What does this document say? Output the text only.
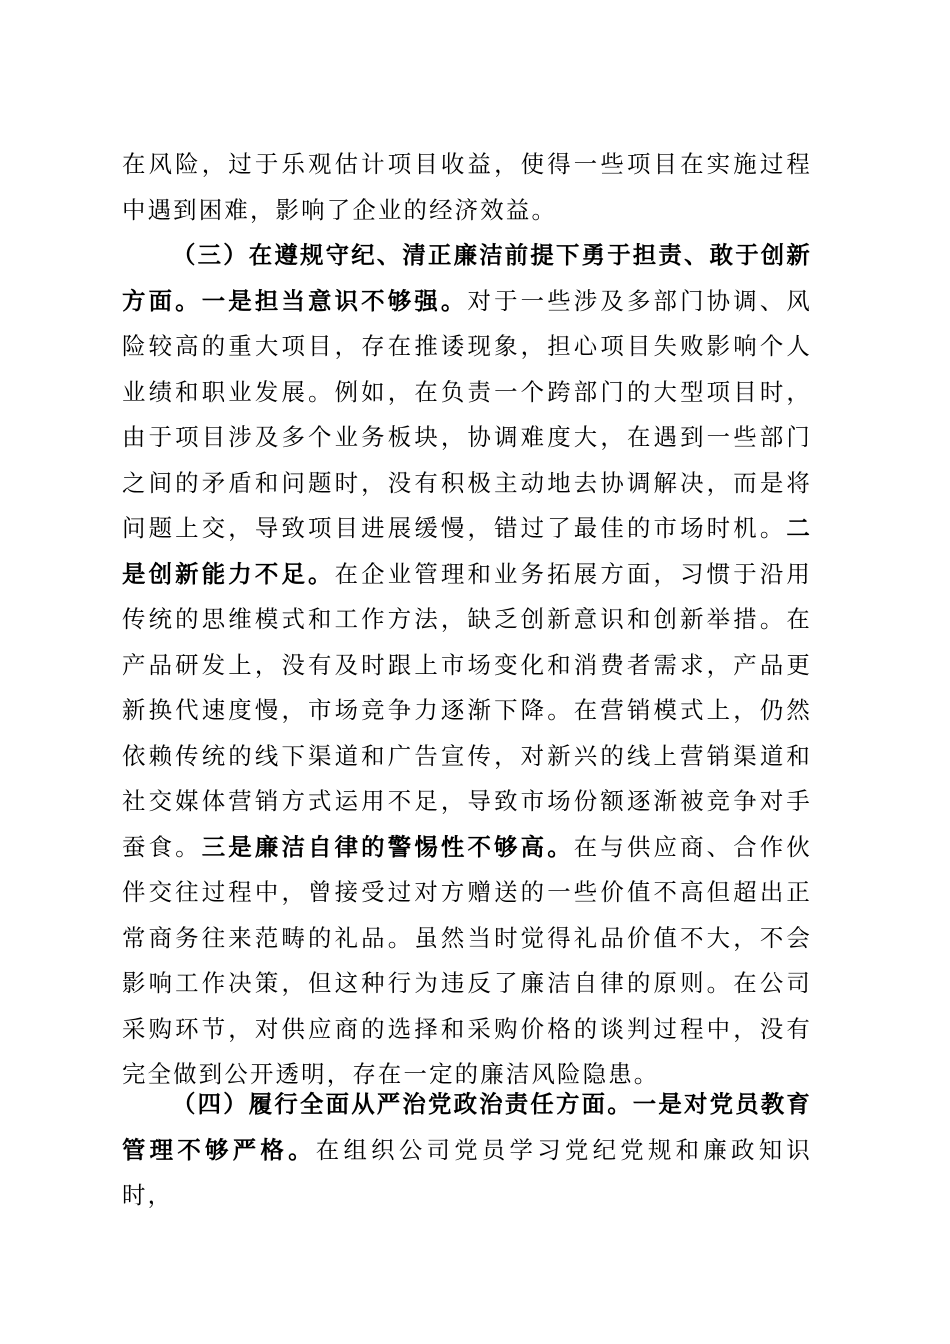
在风险，过于乐观估计项目收益，使得一些项目在实施过程中遇到困难，影响了企业的经济效益。

（三）在遵规守纪、清正廉洁前提下勇于担责、敢于创新方面。一是担当意识不够强。对于一些涉及多部门协调、风险较高的重大项目，存在推诿现象，担心项目失败影响个人业绩和职业发展。例如，在负责一个跨部门的大型项目时，由于项目涉及多个业务板块，协调难度大，在遇到一些部门之间的矛盾和问题时，没有积极主动地去协调解决，而是将问题上交，导致项目进展缓慢，错过了最佳的市场时机。二是创新能力不足。在企业管理和业务拓展方面，习惯于沿用传统的思维模式和工作方法，缺乏创新意识和创新举措。在产品研发上，没有及时跟上市场变化和消费者需求，产品更新换代速度慢，市场竞争力逐渐下降。在营销模式上，仍然依赖传统的线下渠道和广告宣传，对新兴的线上营销渠道和社交媒体营销方式运用不足，导致市场份额逐渐被竞争对手蚕食。三是廉洁自律的警惕性不够高。在与供应商、合作伙伴交往过程中，曾接受过对方赠送的一些价值不高但超出正常商务往来范畴的礼品。虽然当时觉得礼品价值不大，不会影响工作决策，但这种行为违反了廉洁自律的原则。在公司采购环节，对供应商的选择和采购价格的谈判过程中，没有完全做到公开透明，存在一定的廉洁风险隐患。

（四）履行全面从严治党政治责任方面。一是对党员教育管理不够严格。在组织公司党员学习党纪党规和廉政知识时，
